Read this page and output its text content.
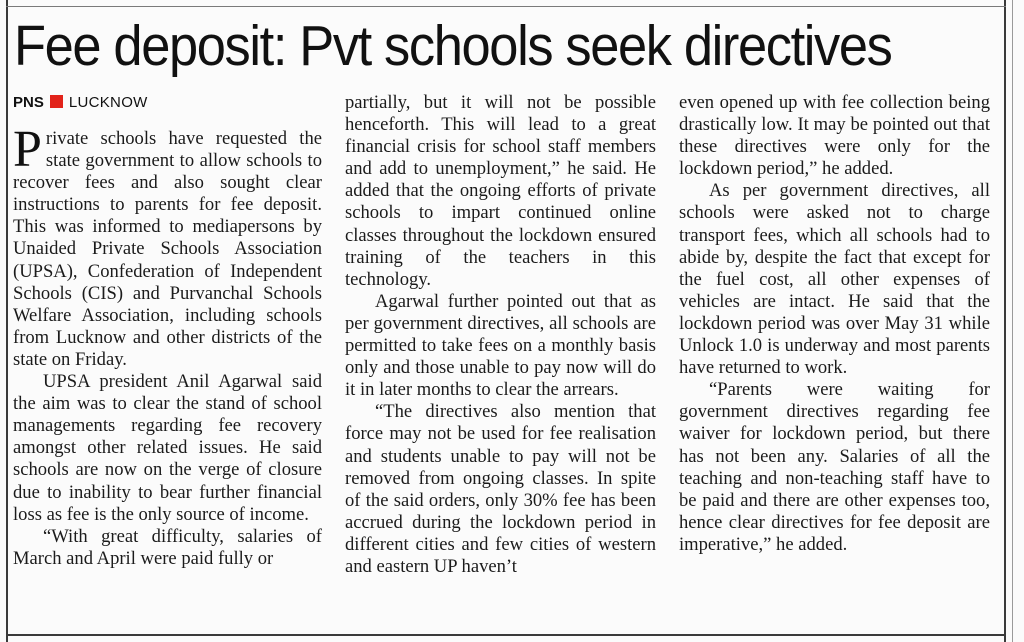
Fee deposit: Pvt schools seek directives
PNS LUCKNOW

Private schools have requested the state government to allow schools to recover fees and also sought clear instructions to parents for fee deposit. This was informed to mediapersons by Unaided Private Schools Association (UPSA), Confederation of Independent Schools (CIS) and Purvanchal Schools Welfare Association, including schools from Lucknow and other districts of the state on Friday.

UPSA president Anil Agarwal said the aim was to clear the stand of school managements regarding fee recovery amongst other related issues. He said schools are now on the verge of closure due to inability to bear further financial loss as fee is the only source of income.

“With great difficulty, salaries of March and April were paid fully or

partially, but it will not be possible henceforth. This will lead to a great financial crisis for school staff members and add to unemployment,” he said. He added that the ongoing efforts of private schools to impart continued online classes throughout the lockdown ensured training of the teachers in this technology.

Agarwal further pointed out that as per government directives, all schools are permitted to take fees on a monthly basis only and those unable to pay now will do it in later months to clear the arrears.

“The directives also mention that force may not be used for fee realisation and students unable to pay will not be removed from ongoing classes. In spite of the said orders, only 30% fee has been accrued during the lockdown period in different cities and few cities of western and eastern UP haven’t

even opened up with fee collection being drastically low. It may be pointed out that these directives were only for the lockdown period,” he added.

As per government directives, all schools were asked not to charge transport fees, which all schools had to abide by, despite the fact that except for the fuel cost, all other expenses of vehicles are intact. He said that the lockdown period was over May 31 while Unlock 1.0 is underway and most parents have returned to work.

“Parents were waiting for government directives regarding fee waiver for lockdown period, but there has not been any. Salaries of all the teaching and non-teaching staff have to be paid and there are other expenses too, hence clear directives for fee deposit are imperative,” he added.
